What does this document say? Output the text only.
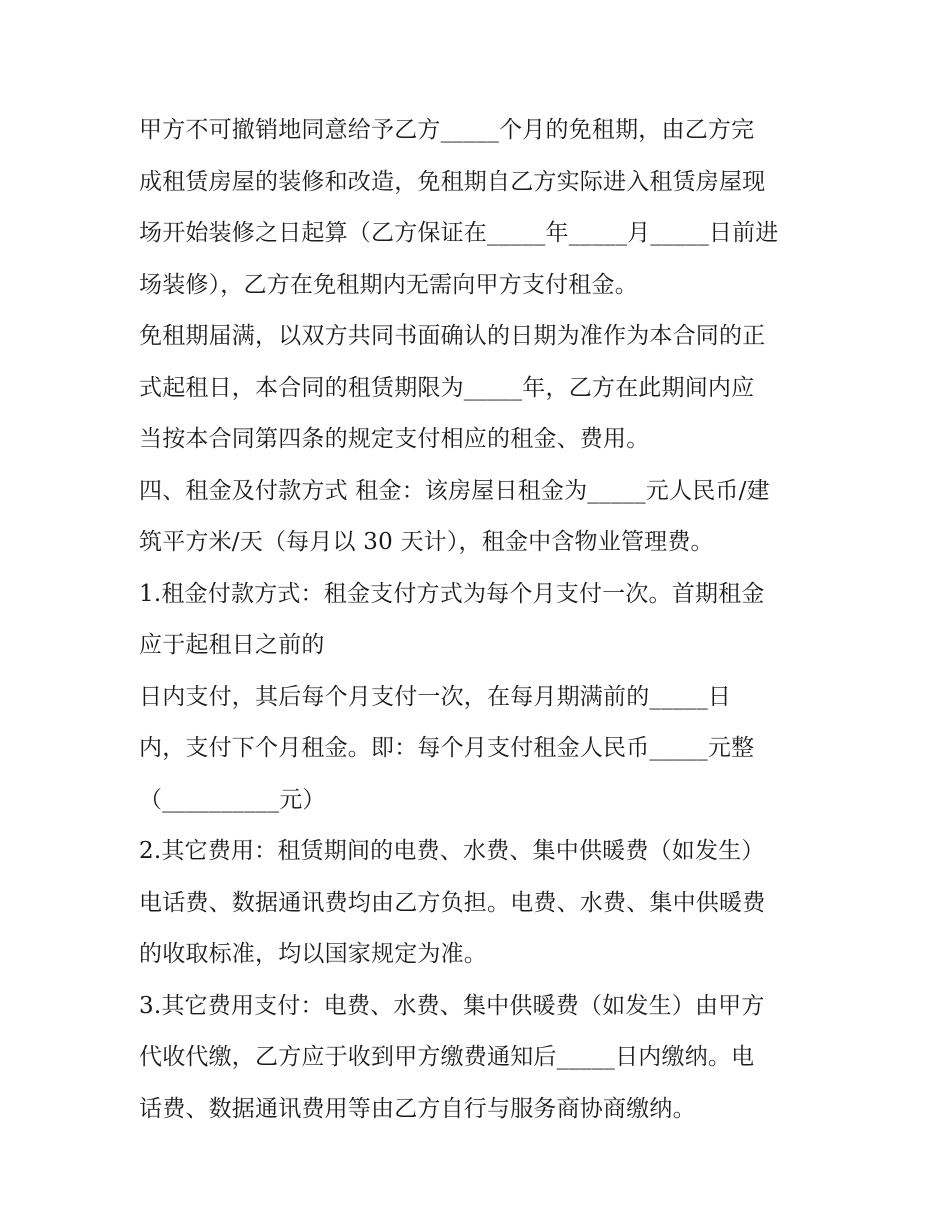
甲方不可撤销地同意给予乙方_____个月的免租期，由乙方完
成租赁房屋的装修和改造，免租期自乙方实际进入租赁房屋现
场开始装修之日起算（乙方保证在_____年_____月_____日前进
场装修），乙方在免租期内无需向甲方支付租金。
免租期届满，以双方共同书面确认的日期为准作为本合同的正
式起租日，本合同的租赁期限为_____年，乙方在此期间内应
当按本合同第四条的规定支付相应的租金、费用。
四、租金及付款方式 租金：该房屋日租金为_____元人民币/建
筑平方米/天（每月以 30 天计），租金中含物业管理费。
1.租金付款方式：租金支付方式为每个月支付一次。首期租金
应于起租日之前的
日内支付，其后每个月支付一次，在每月期满前的_____日
内，支付下个月租金。即：每个月支付租金人民币_____元整
（__________元）
2.其它费用：租赁期间的电费、水费、集中供暖费（如发生）
电话费、数据通讯费均由乙方负担。电费、水费、集中供暖费
的收取标准，均以国家规定为准。
3.其它费用支付：电费、水费、集中供暖费（如发生）由甲方
代收代缴，乙方应于收到甲方缴费通知后_____日内缴纳。电
话费、数据通讯费用等由乙方自行与服务商协商缴纳。
